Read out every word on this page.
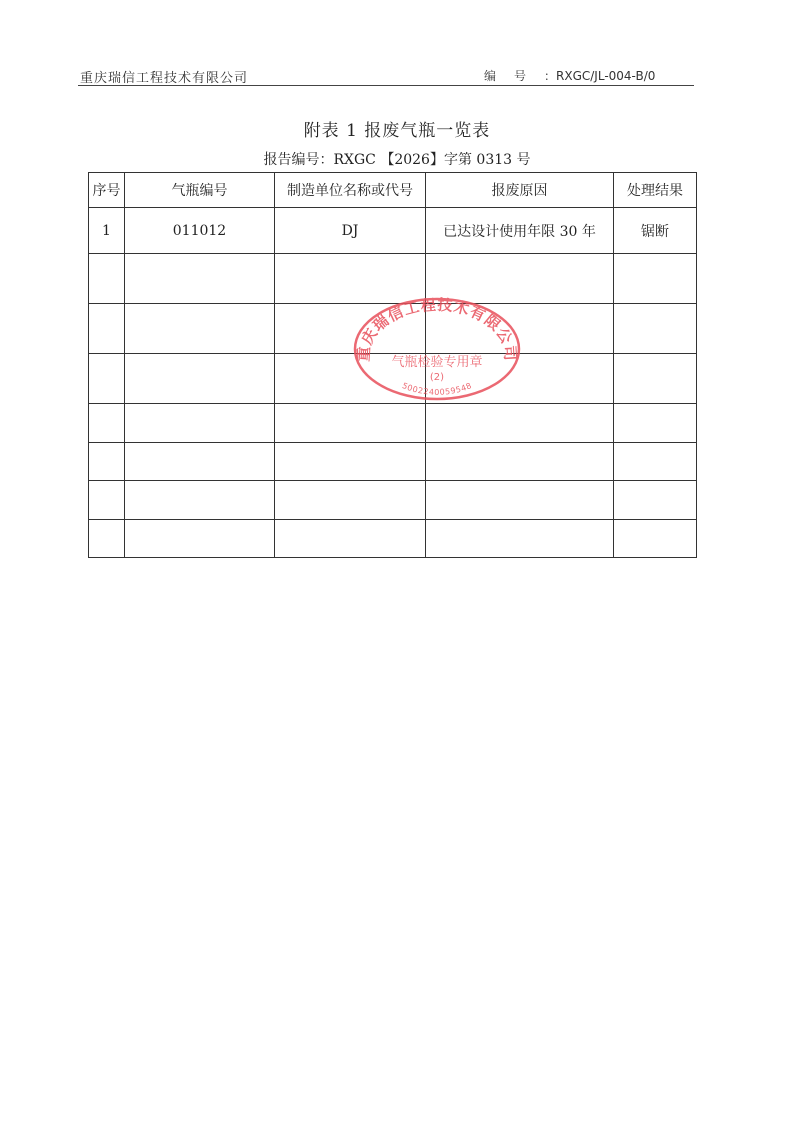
重庆瑞信工程技术有限公司	编号：RXGC/JL-004-B/0
附表 1 报废气瓶一览表
报告编号：RXGC 【2026】字第 0313 号
序号	气瓶编号	制造单位名称或代号	报废原因	处理结果
1	011012	DJ	已达设计使用年限 30 年	锯断

重庆瑞信工程技术有限公司
气瓶检验专用章
(2)
5002240059548
